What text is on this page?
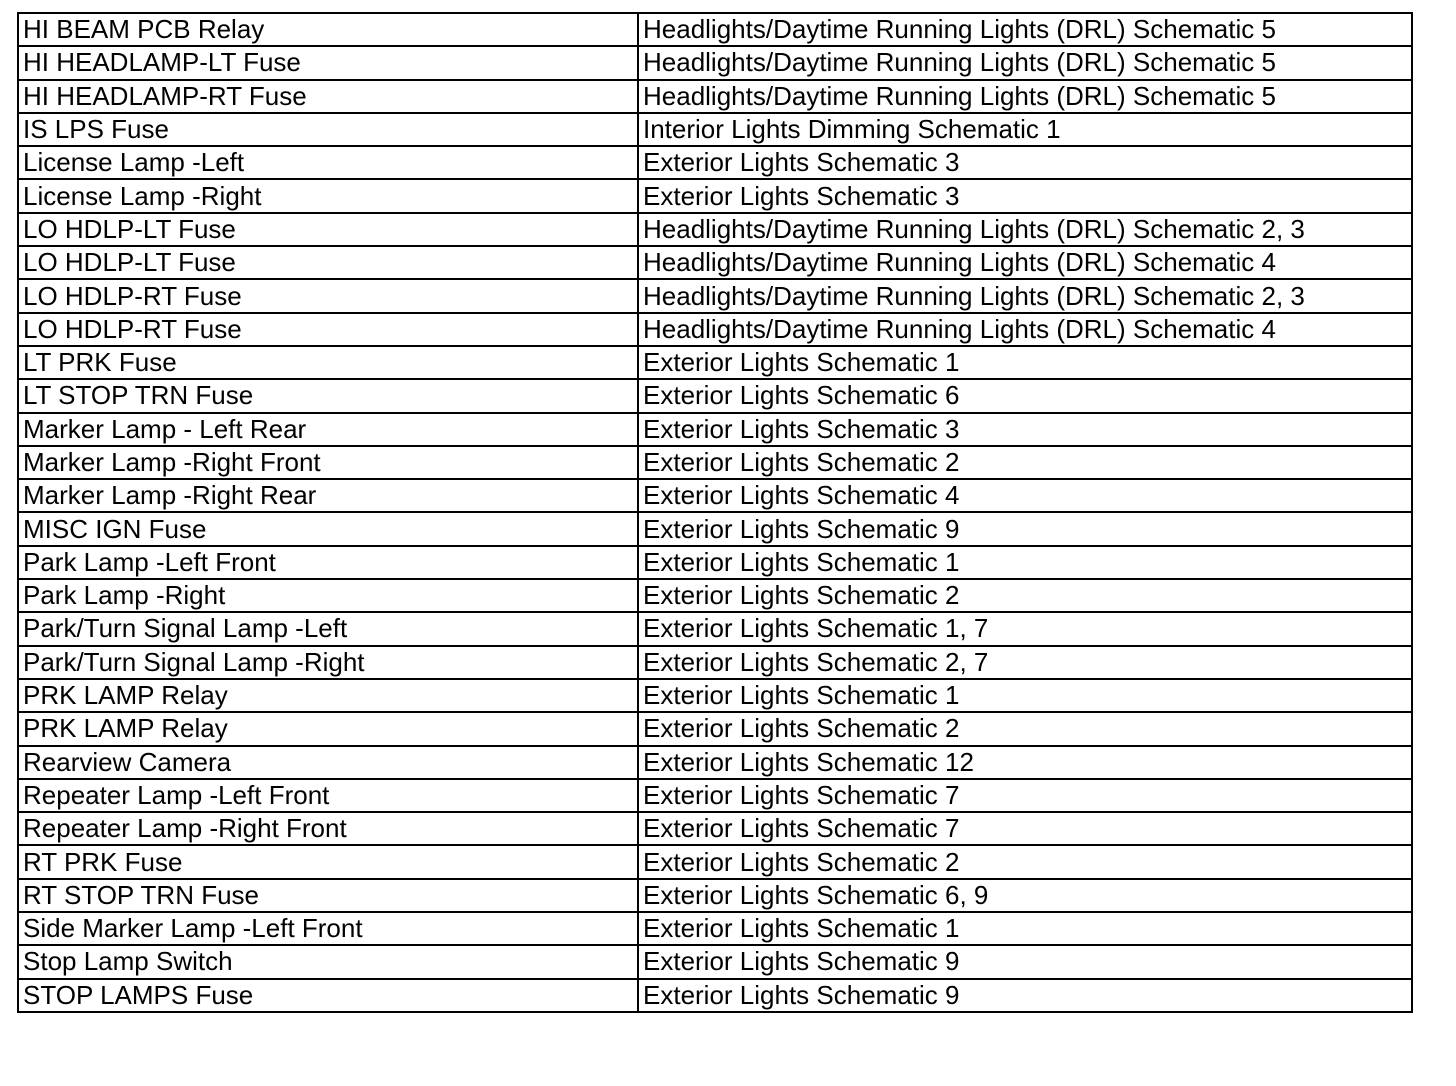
HI BEAM PCB Relay	Headlights/Daytime Running Lights (DRL) Schematic 5
HI HEADLAMP-LT Fuse	Headlights/Daytime Running Lights (DRL) Schematic 5
HI HEADLAMP-RT Fuse	Headlights/Daytime Running Lights (DRL) Schematic 5
IS LPS Fuse	Interior Lights Dimming Schematic 1
License Lamp -Left	Exterior Lights Schematic 3
License Lamp -Right	Exterior Lights Schematic 3
LO HDLP-LT Fuse	Headlights/Daytime Running Lights (DRL) Schematic 2, 3
LO HDLP-LT Fuse	Headlights/Daytime Running Lights (DRL) Schematic 4
LO HDLP-RT Fuse	Headlights/Daytime Running Lights (DRL) Schematic 2, 3
LO HDLP-RT Fuse	Headlights/Daytime Running Lights (DRL) Schematic 4
LT PRK Fuse	Exterior Lights Schematic 1
LT STOP TRN Fuse	Exterior Lights Schematic 6
Marker Lamp - Left Rear	Exterior Lights Schematic 3
Marker Lamp -Right Front	Exterior Lights Schematic 2
Marker Lamp -Right Rear	Exterior Lights Schematic 4
MISC IGN Fuse	Exterior Lights Schematic 9
Park Lamp -Left Front	Exterior Lights Schematic 1
Park Lamp -Right	Exterior Lights Schematic 2
Park/Turn Signal Lamp -Left	Exterior Lights Schematic 1, 7
Park/Turn Signal Lamp -Right	Exterior Lights Schematic 2, 7
PRK LAMP Relay	Exterior Lights Schematic 1
PRK LAMP Relay	Exterior Lights Schematic 2
Rearview Camera	Exterior Lights Schematic 12
Repeater Lamp -Left Front	Exterior Lights Schematic 7
Repeater Lamp -Right Front	Exterior Lights Schematic 7
RT PRK Fuse	Exterior Lights Schematic 2
RT STOP TRN Fuse	Exterior Lights Schematic 6, 9
Side Marker Lamp -Left Front	Exterior Lights Schematic 1
Stop Lamp Switch	Exterior Lights Schematic 9
STOP LAMPS Fuse	Exterior Lights Schematic 9
